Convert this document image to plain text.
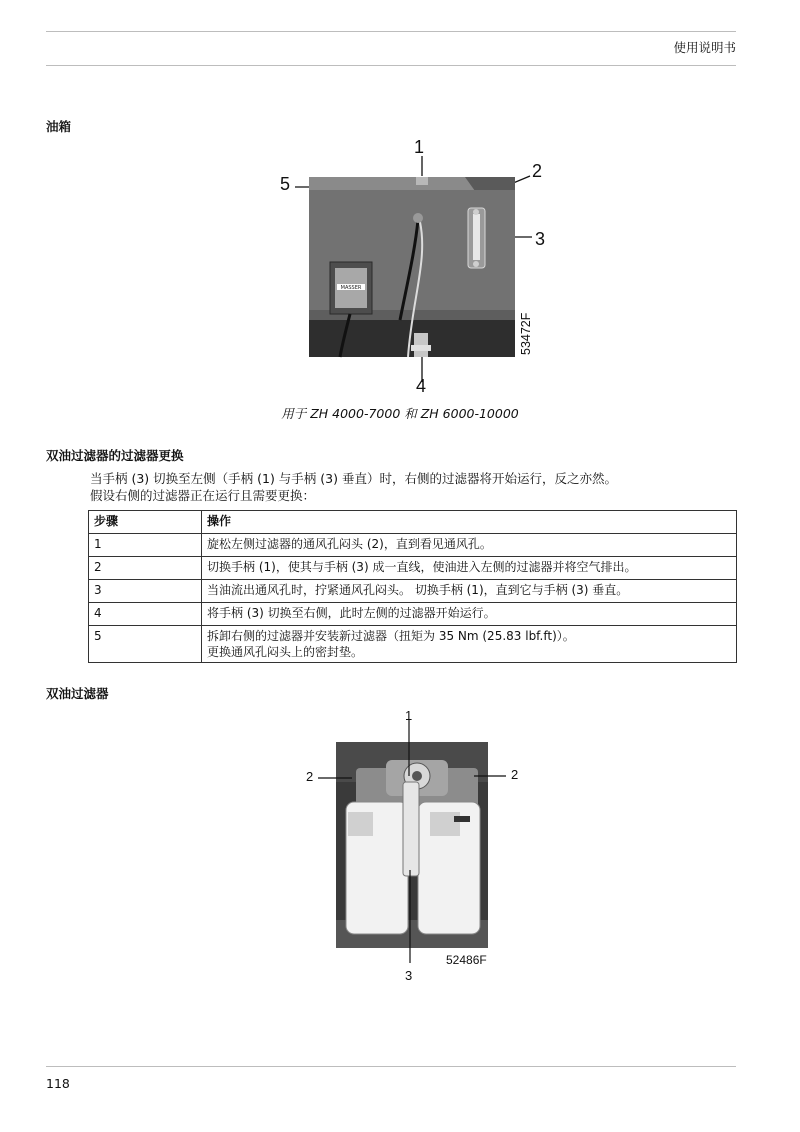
使用说明书
油箱
1
2
3
4
5
MASSER
53472F
用于 ZH 4000-7000 和 ZH 6000-10000
双油过滤器的过滤器更换
当手柄 (3) 切换至左侧（手柄 (1) 与手柄 (3) 垂直）时，右侧的过滤器将开始运行，反之亦然。
假设右侧的过滤器正在运行且需要更换：
步骤	操作
1	旋松左侧过滤器的通风孔闷头 (2)，直到看见通风孔。
2	切换手柄 (1)，使其与手柄 (3) 成一直线，使油进入左侧的过滤器并将空气排出。
3	当油流出通风孔时，拧紧通风孔闷头。 切换手柄 (1)，直到它与手柄 (3) 垂直。
4	将手柄 (3) 切换至右侧，此时左侧的过滤器开始运行。
5	拆卸右侧的过滤器并安装新过滤器（扭矩为 35 Nm (25.83 lbf.ft)）。
更换通风孔闷头上的密封垫。
双油过滤器
1
2	2
3
52486F
118
